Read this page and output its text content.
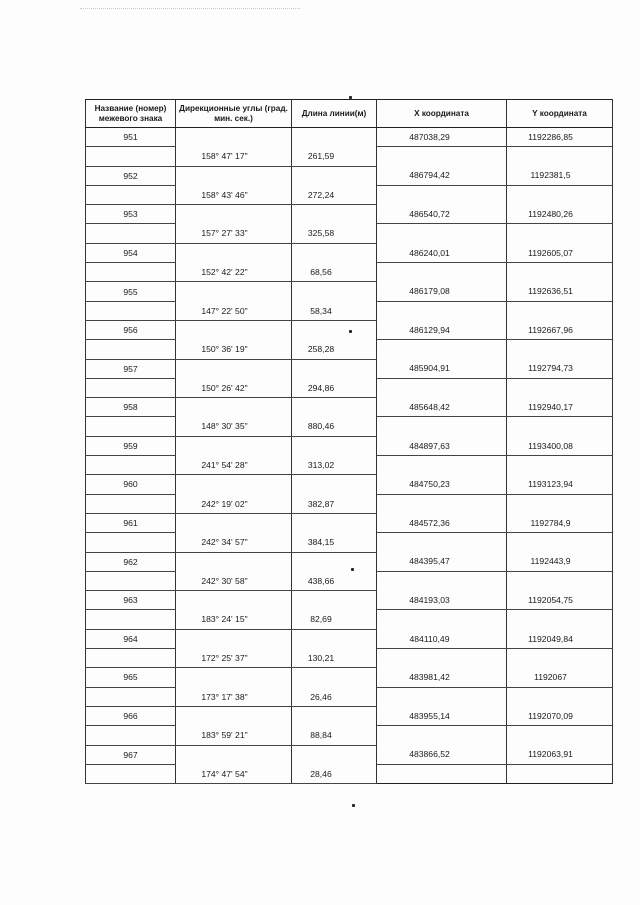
Название (номер) межевого знака	Дирекционные углы (град. мин. сек.)	Длина линии(м)	X координата	Y координата
951			487038,29	1192286,85
	158° 47' 17"	261,59		
952			486794,42	1192381,5
	158° 43' 46"	272,24		
953			486540,72	1192480,26
	157° 27' 33"	325,58		
954			486240,01	1192605,07
	152° 42' 22"	68,56		
955			486179,08	1192636,51
	147° 22' 50"	58,34		
956			486129,94	1192667,96
	150° 36' 19"	258,28		
957			485904,91	1192794,73
	150° 26' 42"	294,86		
958			485648,42	1192940,17
	148° 30' 35"	880,46		
959			484897,63	1193400,08
	241° 54' 28"	313,02		
960			484750,23	1193123,94
	242° 19' 02"	382,87		
961			484572,36	1192784,9
	242° 34' 57"	384,15		
962			484395,47	1192443,9
	242° 30' 58"	438,66		
963			484193,03	1192054,75
	183° 24' 15"	82,69		
964			484110,49	1192049,84
	172° 25' 37"	130,21		
965			483981,42	1192067
	173° 17' 38"	26,46		
966			483955,14	1192070,09
	183° 59' 21"	88,84		
967			483866,52	1192063,91
	174° 47' 54"	28,46		
